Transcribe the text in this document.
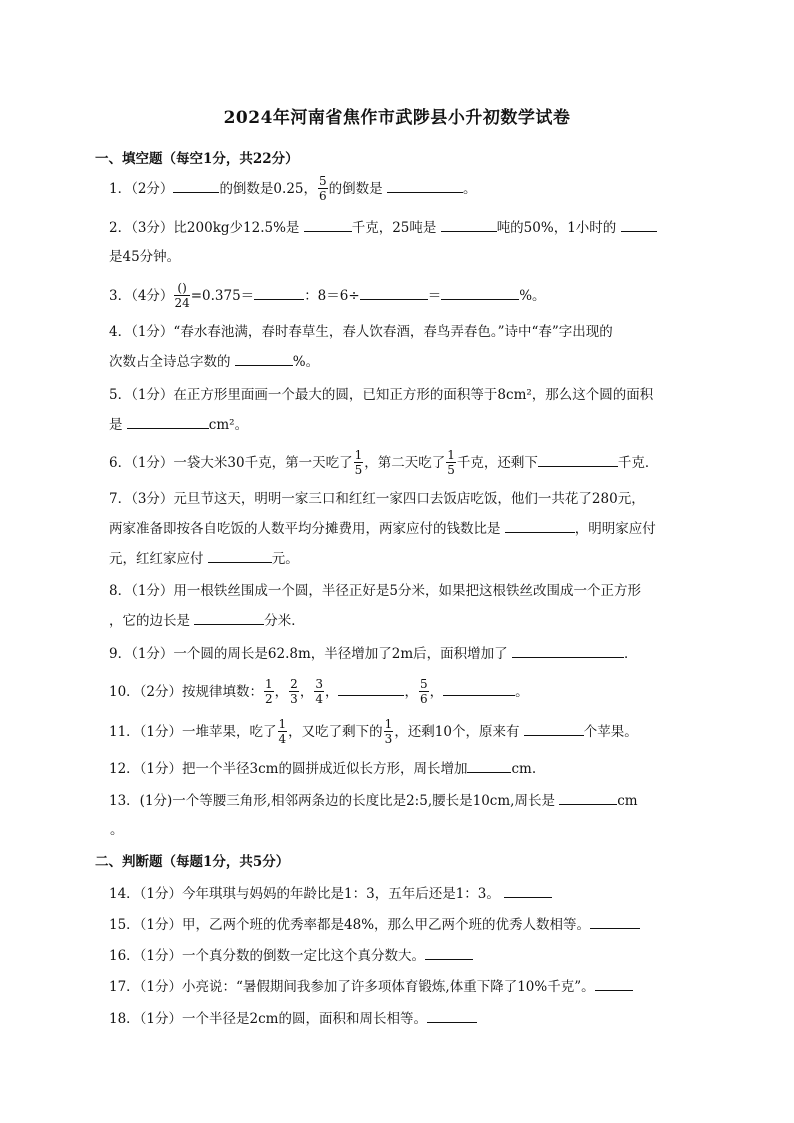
2024年河南省焦作市武陟县小升初数学试卷
一、填空题（每空1分，共22分）
1．（2分）	的倒数是0.25， $\frac{5}{6}$ 的倒数是	。
2．（3分）比200kg少12.5%是	千克，25吨是	吨的50%，1小时的
是45分钟。
3．（4分） $\frac{()}{24} =0.375=$	：8＝6÷	＝	%。
4．（1分）“春水春池满，春时春草生，春人饮春酒，春鸟弄春色。”诗中“春”字出现的
次数占全诗总字数的	%。
5．（1分）在正方形里面画一个最大的圆，已知正方形的面积等于8cm²，那么这个圆的面积
是	cm²。
6．（1分）一袋大米30千克，第一天吃了 $\frac{1}{5}$ ，第二天吃了 $\frac{1}{5}$ 千克，还剩下	千克．
7．（3分）元旦节这天，明明一家三口和红红一家四口去饭店吃饭，他们一共花了280元，
两家准备即按各自吃饭的人数平均分摊费用，两家应付的钱数比是	，明明家应付
元，红红家应付	元。
8．（1分）用一根铁丝围成一个圆，半径正好是5分米，如果把这根铁丝改围成一个正方形
，它的边长是	分米．
9．（1分）一个圆的周长是62.8m，半径增加了2m后，面积增加了	．
10．（2分）按规律填数： $\frac{1}{2}$ ， $\frac{2}{3}$ ， $\frac{3}{4}$ ，	， $\frac{5}{6}$ ，	。
11．（1分）一堆苹果，吃了 $\frac{1}{4}$ ，又吃了剩下的 $\frac{1}{3}$ ，还剩10个，原来有	个苹果。
12．（1分）把一个半径3cm的圆拼成近似长方形，周长增加	cm.
13．(1分)一个等腰三角形,相邻两条边的长度比是2:5,腰长是10cm,周长是	cm
。
二、判断题（每题1分，共5分）
14．（1分）今年琪琪与妈妈的年龄比是1：3，五年后还是1：3。
15．（1分）甲，乙两个班的优秀率都是48%，那么甲乙两个班的优秀人数相等。
16．（1分）一个真分数的倒数一定比这个真分数大。
17．（1分）小亮说：“暑假期间我参加了许多项体育锻炼,体重下降了10%千克”。
18．（1分）一个半径是2cm的圆，面积和周长相等。
